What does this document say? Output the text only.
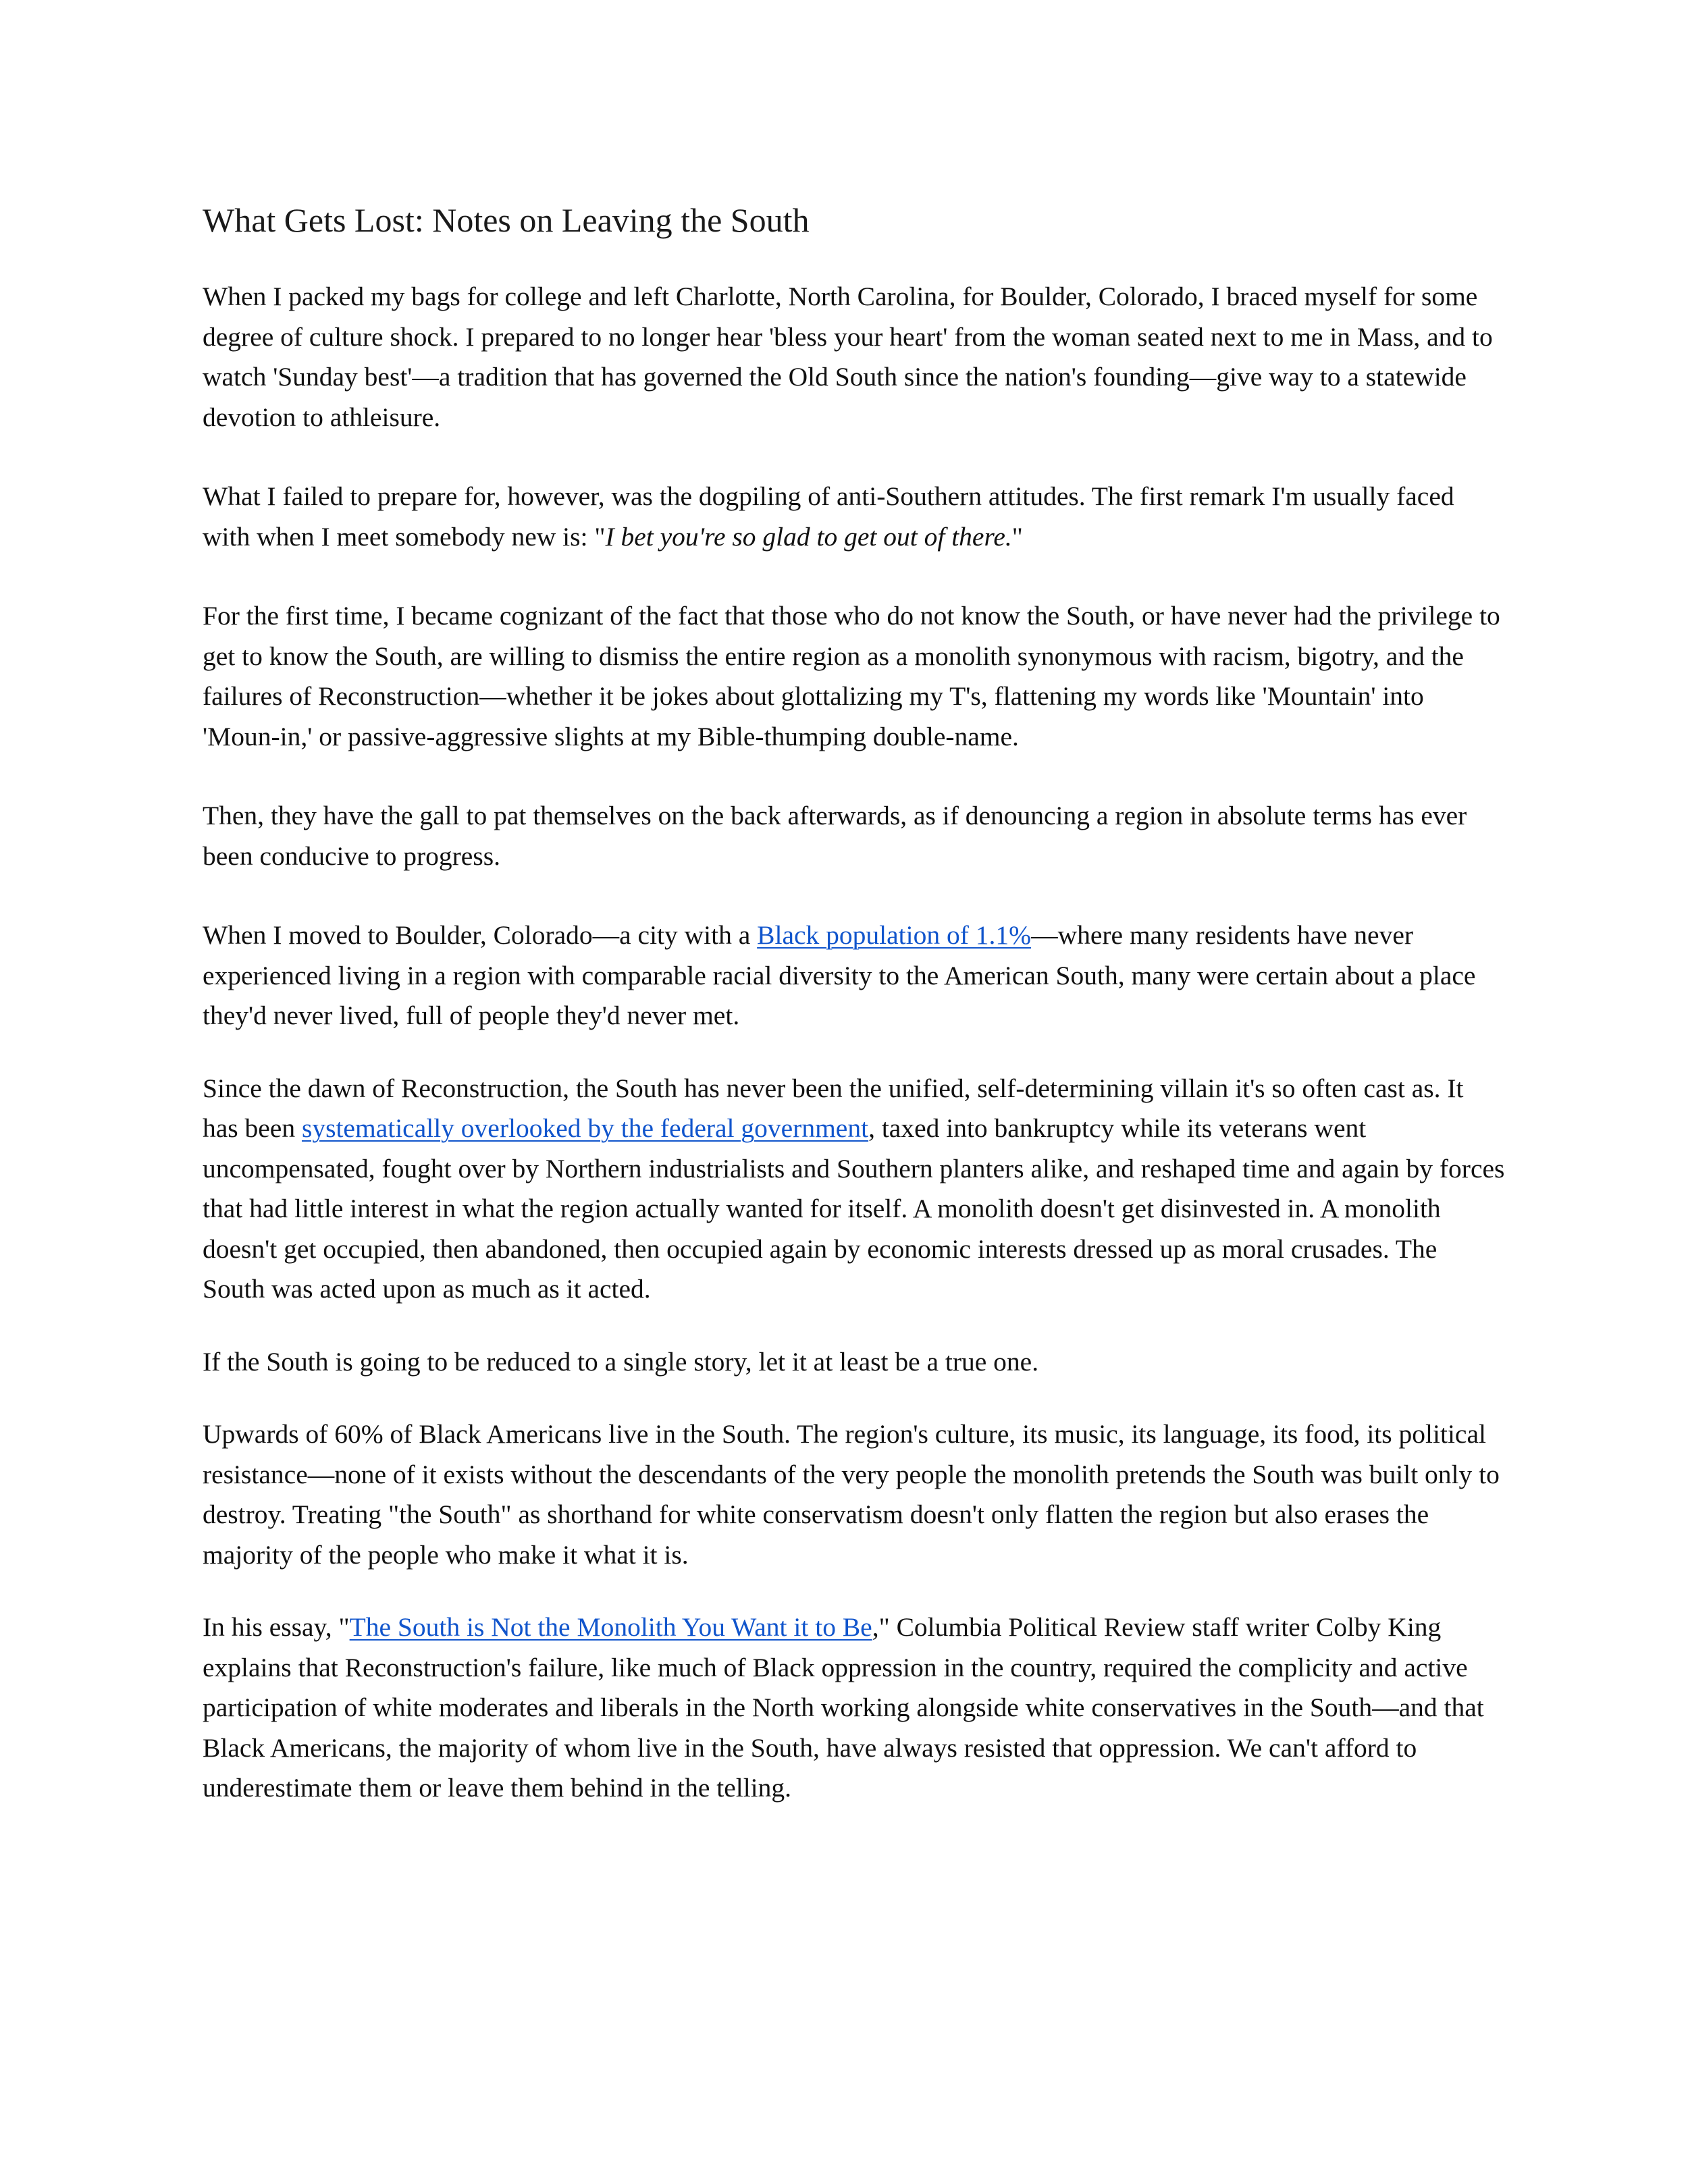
What Gets Lost: Notes on Leaving the South

When I packed my bags for college and left Charlotte, North Carolina, for Boulder, Colorado, I braced myself for some degree of culture shock. I prepared to no longer hear 'bless your heart' from the woman seated next to me in Mass, and to watch 'Sunday best'—a tradition that has governed the Old South since the nation's founding—give way to a statewide devotion to athleisure.

What I failed to prepare for, however, was the dogpiling of anti-Southern attitudes. The first remark I'm usually faced with when I meet somebody new is: "I bet you're so glad to get out of there."

For the first time, I became cognizant of the fact that those who do not know the South, or have never had the privilege to get to know the South, are willing to dismiss the entire region as a monolith synonymous with racism, bigotry, and the failures of Reconstruction—whether it be jokes about glottalizing my T's, flattening my words like 'Mountain' into 'Moun-in,' or passive-aggressive slights at my Bible-thumping double-name.

Then, they have the gall to pat themselves on the back afterwards, as if denouncing a region in absolute terms has ever been conducive to progress.

When I moved to Boulder, Colorado—a city with a Black population of 1.1%—where many residents have never experienced living in a region with comparable racial diversity to the American South, many were certain about a place they'd never lived, full of people they'd never met.

Since the dawn of Reconstruction, the South has never been the unified, self-determining villain it's so often cast as. It has been systematically overlooked by the federal government, taxed into bankruptcy while its veterans went uncompensated, fought over by Northern industrialists and Southern planters alike, and reshaped time and again by forces that had little interest in what the region actually wanted for itself. A monolith doesn't get disinvested in. A monolith doesn't get occupied, then abandoned, then occupied again by economic interests dressed up as moral crusades. The South was acted upon as much as it acted.

If the South is going to be reduced to a single story, let it at least be a true one.

Upwards of 60% of Black Americans live in the South. The region's culture, its music, its language, its food, its political resistance—none of it exists without the descendants of the very people the monolith pretends the South was built only to destroy. Treating "the South" as shorthand for white conservatism doesn't only flatten the region but also erases the majority of the people who make it what it is.

In his essay, "The South is Not the Monolith You Want it to Be," Columbia Political Review staff writer Colby King explains that Reconstruction's failure, like much of Black oppression in the country, required the complicity and active participation of white moderates and liberals in the North working alongside white conservatives in the South—and that Black Americans, the majority of whom live in the South, have always resisted that oppression. We can't afford to underestimate them or leave them behind in the telling.
